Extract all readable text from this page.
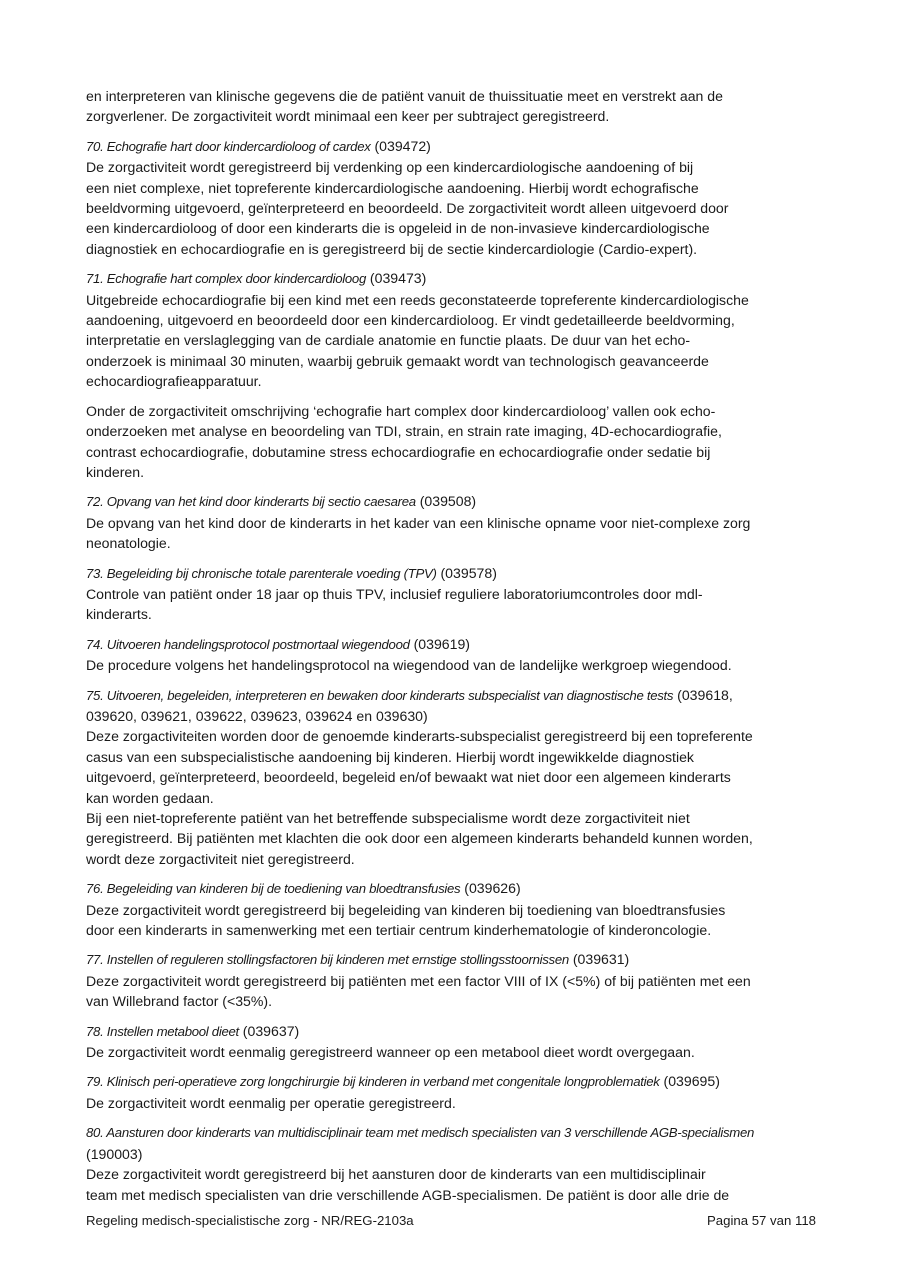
en interpreteren van klinische gegevens die de patiënt vanuit de thuissituatie meet en verstrekt aan de
zorgverlener. De zorgactiviteit wordt minimaal een keer per subtraject geregistreerd.
70. Echografie hart door kindercardioloog of cardex (039472)
De zorgactiviteit wordt geregistreerd bij verdenking op een kindercardiologische aandoening of bij
een niet complexe, niet topreferente kindercardiologische aandoening. Hierbij wordt echografische
beeldvorming uitgevoerd, geïnterpreteerd en beoordeeld. De zorgactiviteit wordt alleen uitgevoerd door
een kindercardioloog of door een kinderarts die is opgeleid in de non-invasieve kindercardiologische
diagnostiek en echocardiografie en is geregistreerd bij de sectie kindercardiologie (Cardio-expert).
71. Echografie hart complex door kindercardioloog (039473)
Uitgebreide echocardiografie bij een kind met een reeds geconstateerde topreferente kindercardiologische
aandoening, uitgevoerd en beoordeeld door een kindercardioloog. Er vindt gedetailleerde beeldvorming,
interpretatie en verslaglegging van de cardiale anatomie en functie plaats. De duur van het echo-
onderzoek is minimaal 30 minuten, waarbij gebruik gemaakt wordt van technologisch geavanceerde
echocardiografieapparatuur.
Onder de zorgactiviteit omschrijving ‘echografie hart complex door kindercardioloog’ vallen ook echo-
onderzoeken met analyse en beoordeling van TDI, strain, en strain rate imaging, 4D-echocardiografie,
contrast echocardiografie, dobutamine stress echocardiografie en echocardiografie onder sedatie bij
kinderen.
72. Opvang van het kind door kinderarts bij sectio caesarea (039508)
De opvang van het kind door de kinderarts in het kader van een klinische opname voor niet-complexe zorg
neonatologie.
73. Begeleiding bij chronische totale parenterale voeding (TPV) (039578)
Controle van patiënt onder 18 jaar op thuis TPV, inclusief reguliere laboratoriumcontroles door mdl-
kinderarts.
74. Uitvoeren handelingsprotocol postmortaal wiegendood (039619)
De procedure volgens het handelingsprotocol na wiegendood van de landelijke werkgroep wiegendood.
75. Uitvoeren, begeleiden, interpreteren en bewaken door kinderarts subspecialist van diagnostische tests (039618,
039620, 039621, 039622, 039623, 039624 en 039630)
Deze zorgactiviteiten worden door de genoemde kinderarts-subspecialist geregistreerd bij een topreferente
casus van een subspecialistische aandoening bij kinderen. Hierbij wordt ingewikkelde diagnostiek
uitgevoerd, geïnterpreteerd, beoordeeld, begeleid en/of bewaakt wat niet door een algemeen kinderarts
kan worden gedaan.
Bij een niet-topreferente patiënt van het betreffende subspecialisme wordt deze zorgactiviteit niet
geregistreerd. Bij patiënten met klachten die ook door een algemeen kinderarts behandeld kunnen worden,
wordt deze zorgactiviteit niet geregistreerd.
76. Begeleiding van kinderen bij de toediening van bloedtransfusies (039626)
Deze zorgactiviteit wordt geregistreerd bij begeleiding van kinderen bij toediening van bloedtransfusies
door een kinderarts in samenwerking met een tertiair centrum kinderhematologie of kinderoncologie.
77. Instellen of reguleren stollingsfactoren bij kinderen met ernstige stollingsstoornissen (039631)
Deze zorgactiviteit wordt geregistreerd bij patiënten met een factor VIII of IX (<5%) of bij patiënten met een
van Willebrand factor (<35%).
78. Instellen metabool dieet (039637)
De zorgactiviteit wordt eenmalig geregistreerd wanneer op een metabool dieet wordt overgegaan.
79. Klinisch peri-operatieve zorg longchirurgie bij kinderen in verband met congenitale longproblematiek (039695)
De zorgactiviteit wordt eenmalig per operatie geregistreerd.
80. Aansturen door kinderarts van multidisciplinair team met medisch specialisten van 3 verschillende AGB-specialismen
(190003)
Deze zorgactiviteit wordt geregistreerd bij het aansturen door de kinderarts van een multidisciplinair
team met medisch specialisten van drie verschillende AGB-specialismen. De patiënt is door alle drie de
Regeling medisch-specialistische zorg - NR/REG-2103a	Pagina 57 van 118
